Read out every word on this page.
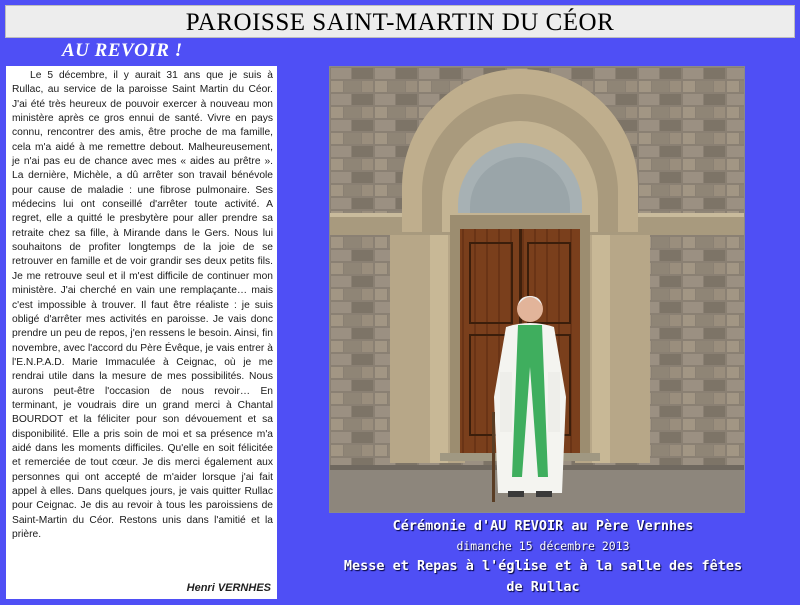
PAROISSE SAINT-MARTIN DU CÉOR
AU REVOIR !

Le 5 décembre, il y aurait 31 ans que je suis à Rullac, au service de la paroisse Saint Martin du Céor. J'ai été très heureux de pouvoir exercer à nouveau mon ministère après ce gros ennui de santé. Vivre en pays connu, rencontrer des amis, être proche de ma famille, cela m'a aidé à me remettre debout. Malheureusement, je n'ai pas eu de chance avec mes « aides au prêtre ». La dernière, Michèle, a dû arrêter son travail bénévole pour cause de maladie : une fibrose pulmonaire. Ses médecins lui ont conseillé d'arrêter toute activité. A regret, elle a quitté le presbytère pour aller prendre sa retraite chez sa fille, à Mirande dans le Gers. Nous lui souhaitons de profiter longtemps de la joie de se retrouver en famille et de voir grandir ses deux petits fils. Je me retrouve seul et il m'est difficile de continuer mon ministère. J'ai cherché en vain une remplaçante… mais c'est impossible à trouver. Il faut être réaliste : je suis obligé d'arrêter mes activités en paroisse. Je vais donc prendre un peu de repos, j'en ressens le besoin. Ainsi, fin novembre, avec l'accord du Père Évêque, je vais entrer à l'E.N.P.A.D. Marie Immaculée à Ceignac, où je me rendrai utile dans la mesure de mes possibilités. Nous aurons peut-être l'occasion de nous revoir… En terminant, je voudrais dire un grand merci à Chantal BOURDOT et la féliciter pour son dévouement et sa disponibilité. Elle a pris soin de moi et sa présence m'a aidé dans les moments difficiles. Qu'elle en soit félicitée et remerciée de tout cœur. Je dis merci également aux personnes qui ont accepté de m'aider lorsque j'ai fait appel à elles. Dans quelques jours, je vais quitter Rullac pour Ceignac. Je dis au revoir à tous les paroissiens de Saint-Martin du Céor. Restons unis dans l'amitié et la prière.

Henri VERNHES
Cérémonie d'AU REVOIR au Père Vernhes
dimanche 15 décembre 2013
Messe et Repas à l'église et à la salle des fêtes
de Rullac
